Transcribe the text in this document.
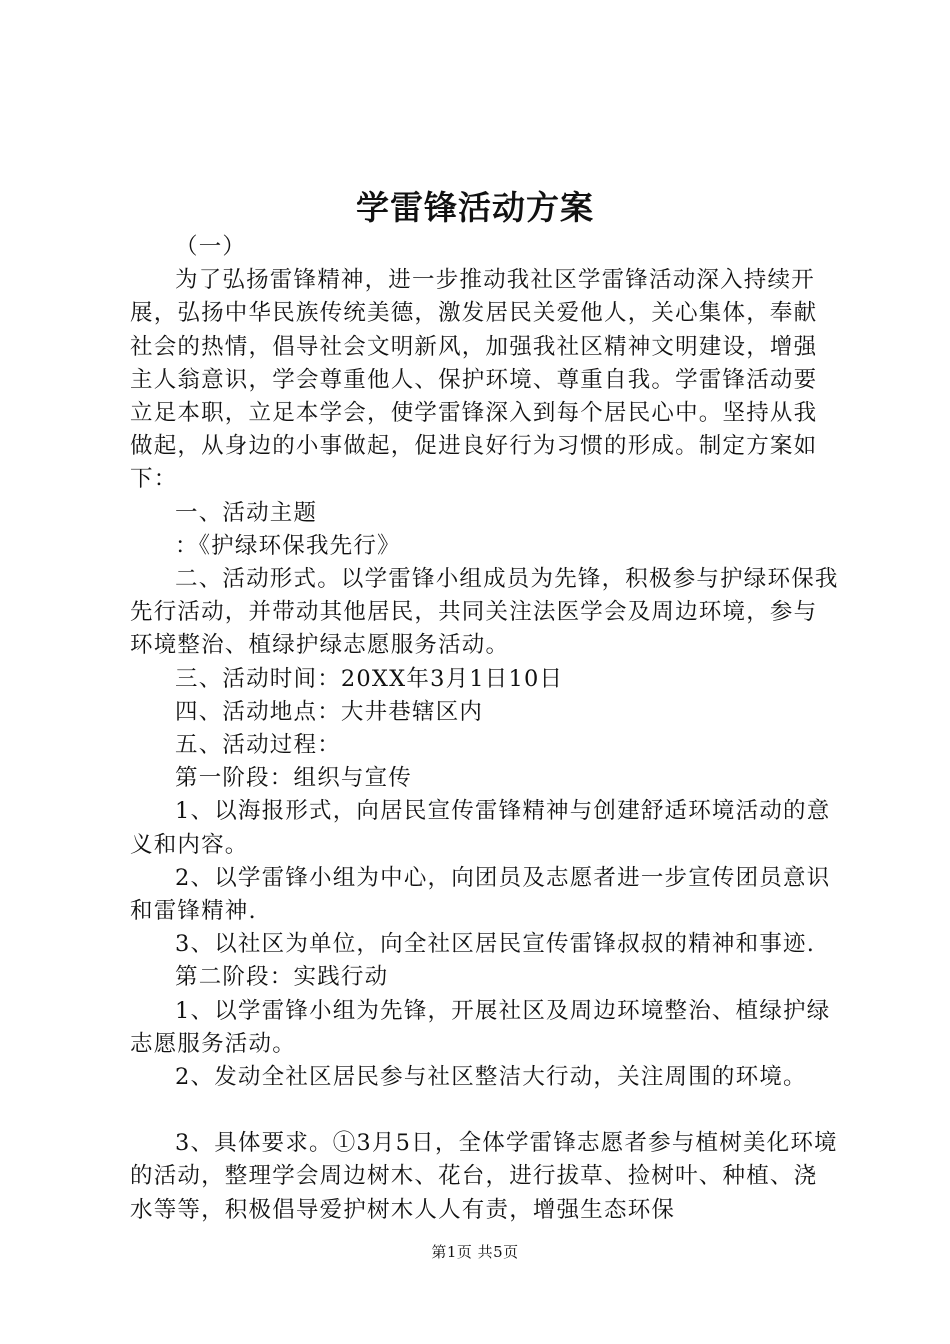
学雷锋活动方案

（一）

为了弘扬雷锋精神，进一步推动我社区学雷锋活动深入持续开展，弘扬中华民族传统美德，激发居民关爱他人，关心集体，奉献社会的热情，倡导社会文明新风，加强我社区精神文明建设，增强主人翁意识，学会尊重他人、保护环境、尊重自我。学雷锋活动要立足本职，立足本学会，使学雷锋深入到每个居民心中。坚持从我做起，从身边的小事做起，促进良好行为习惯的形成。制定方案如下：

一、活动主题

：《护绿环保我先行》

二、活动形式。以学雷锋小组成员为先锋，积极参与护绿环保我先行活动，并带动其他居民，共同关注法医学会及周边环境，参与环境整治、植绿护绿志愿服务活动。

三、活动时间：20XX年3月1日10日

四、活动地点：大井巷辖区内

五、活动过程：

第一阶段：组织与宣传

1、以海报形式，向居民宣传雷锋精神与创建舒适环境活动的意义和内容。

2、以学雷锋小组为中心，向团员及志愿者进一步宣传团员意识和雷锋精神.

3、以社区为单位，向全社区居民宣传雷锋叔叔的精神和事迹.

第二阶段：实践行动

1、以学雷锋小组为先锋，开展社区及周边环境整治、植绿护绿志愿服务活动。

2、发动全社区居民参与社区整洁大行动，关注周围的环境。

3、具体要求。①3月5日，全体学雷锋志愿者参与植树美化环境的活动，整理学会周边树木、花台，进行拔草、捡树叶、种植、浇水等等，积极倡导爱护树木人人有责，增强生态环保

第1页 共5页
